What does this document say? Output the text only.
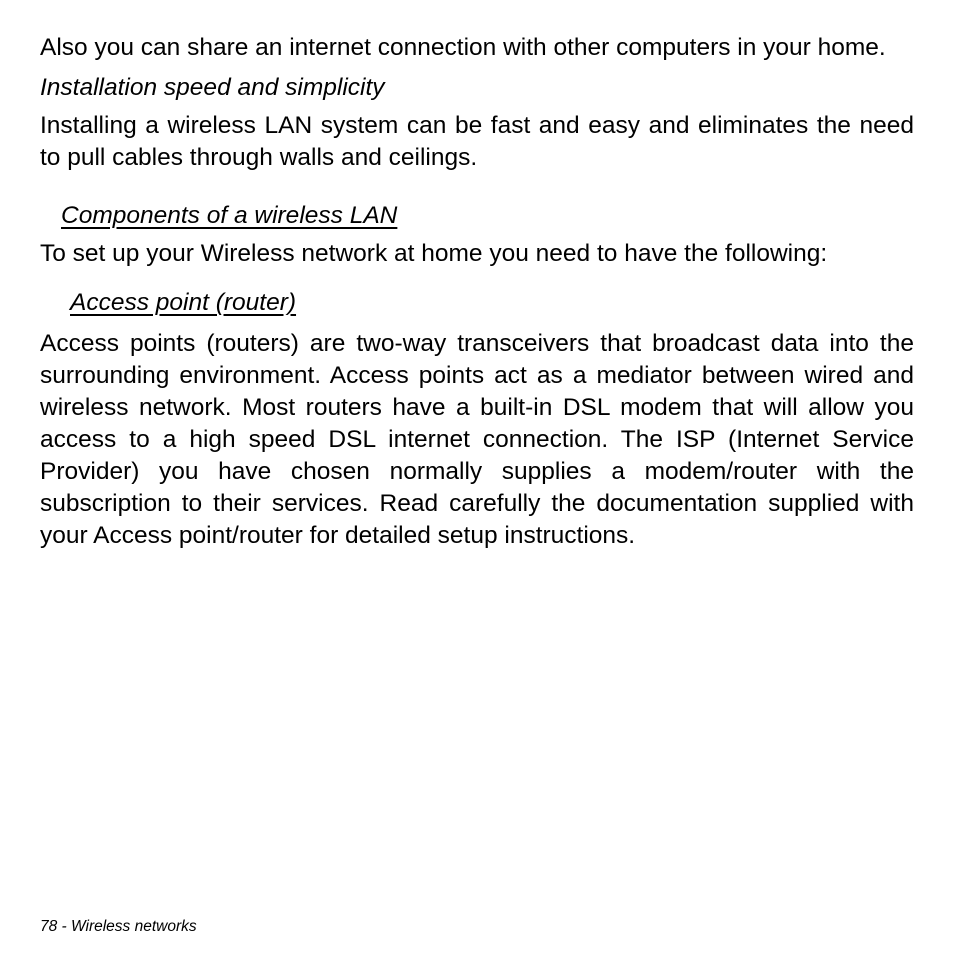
Also you can share an internet connection with other computers in your home.

Installation speed and simplicity

Installing a wireless LAN system can be fast and easy and eliminates the need to pull cables through walls and ceilings.

Components of a wireless LAN

To set up your Wireless network at home you need to have the following:

Access point (router)

Access points (routers) are two-way transceivers that broadcast data into the surrounding environment. Access points act as a mediator between wired and wireless network. Most routers have a built-in DSL modem that will allow you access to a high speed DSL internet connection. The ISP (Internet Service Provider) you have chosen normally supplies a modem/router with the subscription to their services. Read carefully the documentation supplied with your Access point/router for detailed setup instructions.

78 - Wireless networks
